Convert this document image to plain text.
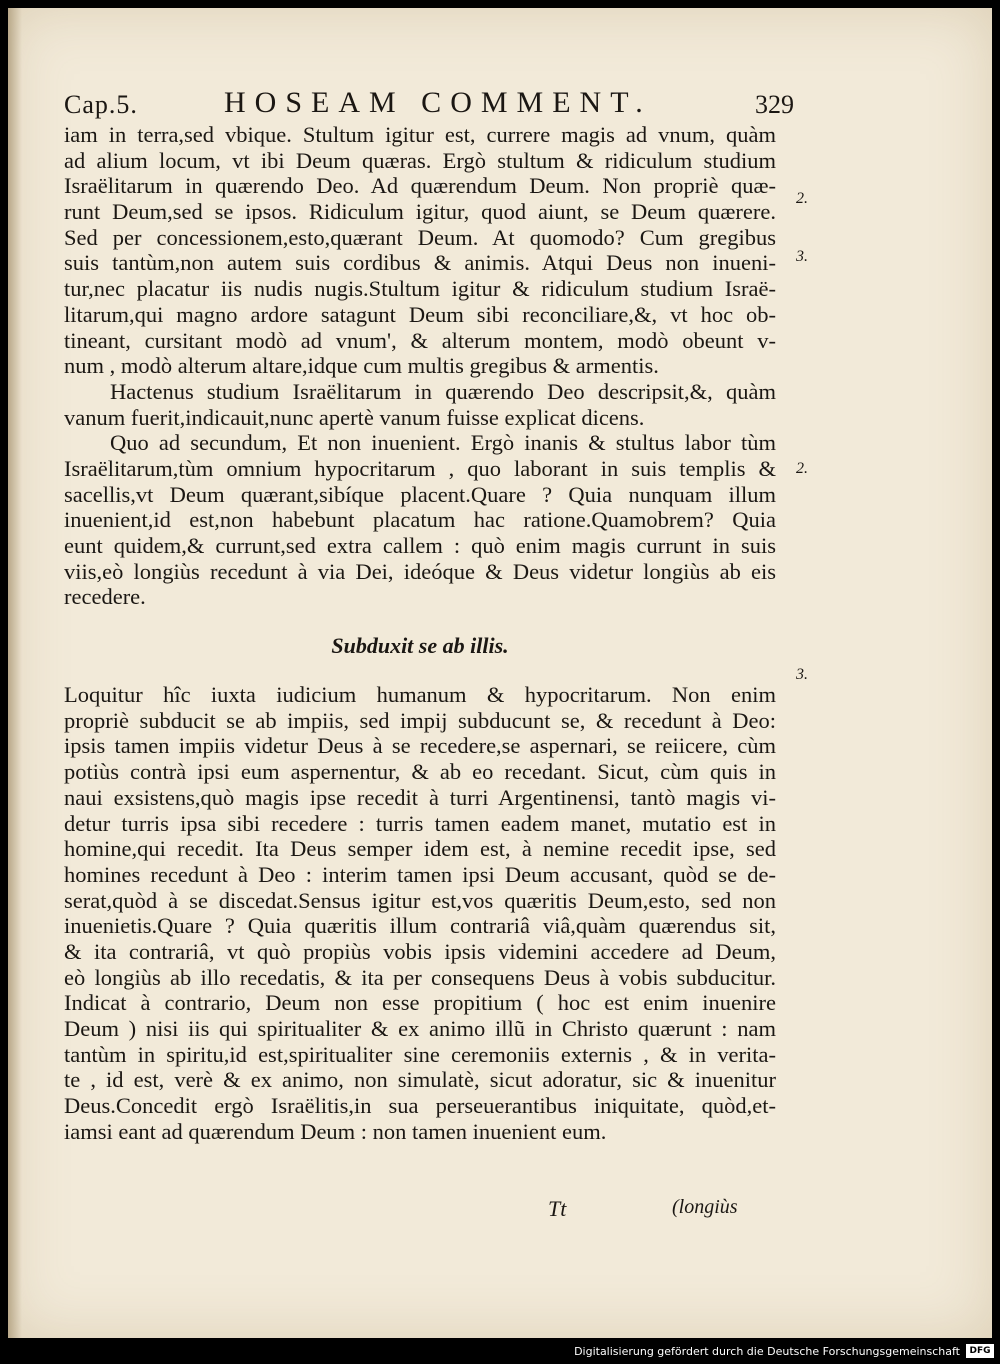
Cap.5.	HOSEAM COMMENT.	329
iam in terra,sed vbique. Stultum igitur est, currere magis ad vnum, quàm
ad alium locum, vt ibi Deum quæras. Ergò stultum & ridiculum studium
Israëlitarum in quærendo Deo. Ad quærendum Deum. Non propriè quæ-
runt Deum,sed se ipsos. Ridiculum igitur, quod aiunt, se Deum quærere.
Sed per concessionem,esto,quærant Deum. At quomodo? Cum gregibus
suis tantùm,non autem suis cordibus & animis. Atqui Deus non inueni-
tur,nec placatur iis nudis nugis.Stultum igitur & ridiculum studium Israë-
litarum,qui magno ardore satagunt Deum sibi reconciliare,&, vt hoc ob-
tineant, cursitant modò ad vnum', & alterum montem, modò obeunt v-
num , modò alterum altare,idque cum multis gregibus & armentis.
Hactenus studium Israëlitarum in quærendo Deo descripsit,&, quàm
vanum fuerit,indicauit,nunc apertè vanum fuisse explicat dicens.
Quo ad secundum, Et non inuenient. Ergò inanis & stultus labor tùm
Israëlitarum,tùm omnium hypocritarum , quo laborant in suis templis &
sacellis,vt Deum quærant,sibíque placent.Quare ? Quia nunquam illum
inuenient,id est,non habebunt placatum hac ratione.Quamobrem? Quia
eunt quidem,& currunt,sed extra callem : quò enim magis currunt in suis
viis,eò longiùs recedunt à via Dei, ideóque & Deus videtur longiùs ab eis
recedere.
Subduxit se ab illis.
Loquitur hîc iuxta iudicium humanum & hypocritarum. Non enim
propriè subducit se ab impiis, sed impij subducunt se, & recedunt à Deo:
ipsis tamen impiis videtur Deus à se recedere,se aspernari, se reiicere, cùm
potiùs contrà ipsi eum aspernentur, & ab eo recedant. Sicut, cùm quis in
naui exsistens,quò magis ipse recedit à turri Argentinensi, tantò magis vi-
detur turris ipsa sibi recedere : turris tamen eadem manet, mutatio est in
homine,qui recedit. Ita Deus semper idem est, à nemine recedit ipse, sed
homines recedunt à Deo : interim tamen ipsi Deum accusant, quòd se de-
serat,quòd à se discedat.Sensus igitur est,vos quæritis Deum,esto, sed non
inuenietis.Quare ? Quia quæritis illum contrariâ viâ,quàm quærendus sit,
& ita contrariâ, vt quò propiùs vobis ipsis videmini accedere ad Deum,
eò longiùs ab illo recedatis, & ita per consequens Deus à vobis subducitur.
Indicat à contrario, Deum non esse propitium ( hoc est enim inuenire
Deum ) nisi iis qui spiritualiter & ex animo illũ in Christo quærunt : nam
tantùm in spiritu,id est,spiritualiter sine ceremoniis externis , & in verita-
te , id est, verè & ex animo, non simulatè, sicut adoratur, sic & inuenitur
Deus.Concedit ergò Israëlitis,in sua perseuerantibus iniquitate, quòd,et-
iamsi eant ad quærendum Deum : non tamen inuenient eum.
2.
3.
2.
3.
Tt	(longiùs
Digitalisierung gefördert durch die Deutsche Forschungsgemeinschaft	DFG
